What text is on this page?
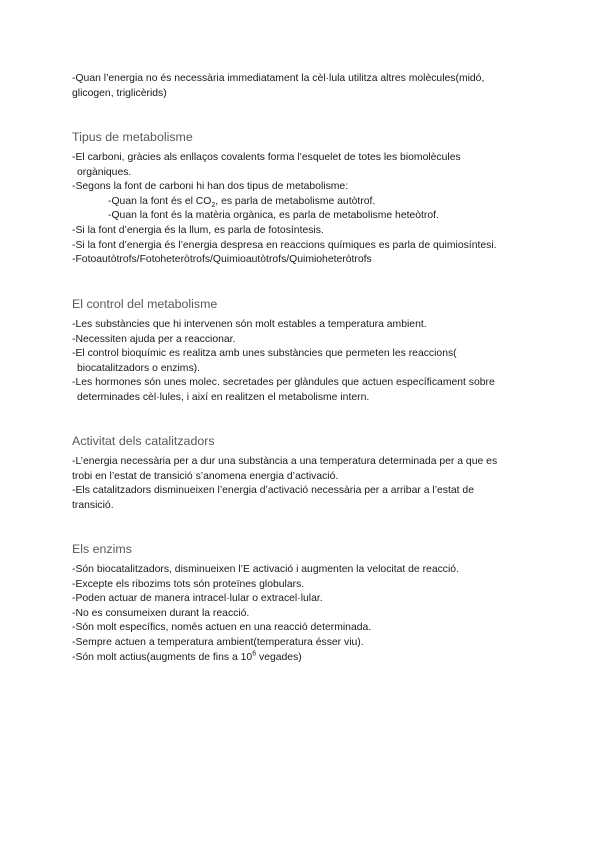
-Quan l’energia no és necessària immediatament la cèl·lula utilitza altres molècules(midó,

glicogen, triglicèrids)

Tipus de metabolisme

-El carboni, gràcies als enllaços covalents forma l’esquelet de totes les biomolècules

orgàniques.

-Segons la font de carboni hi han dos tipus de metabolisme:

-Quan la font és el $CO_2$, es parla de metabolisme autòtrof.

-Quan la font és la matèria orgànica, es parla de metabolisme heteòtrof.

-Si la font d’energia és la llum, es parla de fotosíntesis.

-Si la font d’energia és l’energia despresa en reaccions químiques es parla de quimiosíntesi.

-Fotoautòtrofs/Fotoheteròtrofs/Quimioautòtrofs/Quimioheteròtrofs

El control del metabolisme

-Les substàncies que hi intervenen són molt estables a temperatura ambient.

-Necessiten ajuda per a reaccionar.

-El control bioquímic es realitza amb unes substàncies que permeten les reaccions(

biocatalitzadors o enzims).

-Les hormones són unes molec. secretades per glàndules que actuen específicament sobre

determinades cèl·lules, i així en realitzen el metabolisme intern.

Activitat dels catalitzadors

-L’energia necessària per a dur una substància a una temperatura determinada per a que es

trobi en l’estat de transició s’anomena energia d’activació.

-Els catalitzadors disminueixen l’energia d’activació necessària per a arribar a l’estat de

transició.

Els enzims

-Són biocatalitzadors, disminueixen l’E activació i augmenten la velocitat de reacció.

-Excepte els ribozims tots són proteïnes globulars.

-Poden actuar de manera intracel·lular o extracel·lular.

-No es consumeixen durant la reacció.

-Són molt específics, només actuen en una reacció determinada.

-Sempre actuen a temperatura ambient(temperatura ésser viu).

-Són molt actius(augments de fins a $10^6$ vegades)
